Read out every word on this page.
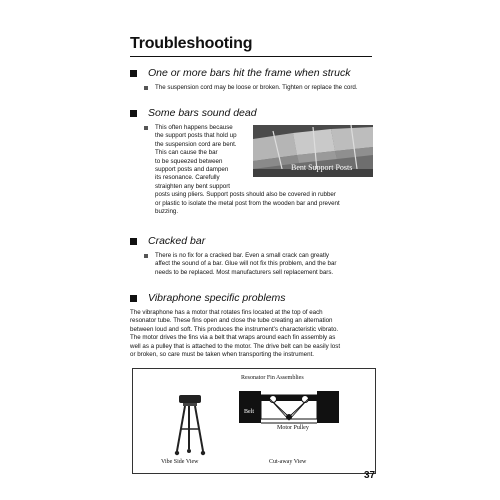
Troubleshooting
One or more bars hit the frame when struck
The suspension cord may be loose or broken. Tighten or replace the cord.
Some bars sound dead
This often happens because
the support posts that hold up
the suspension cord are bent.
This can cause the bar
to be squeezed between
support posts and dampen
its resonance. Carefully
straighten any bent support
posts using pliers. Support posts should also be covered in rubber
or plastic to isolate the metal post from the wooden bar and prevent
buzzing.
Bent Support Posts
Cracked bar
There is no fix for a cracked bar. Even a small crack can greatly
affect the sound of a bar. Glue will not fix this problem, and the bar
needs to be replaced. Most manufacturers sell replacement bars.
Vibraphone specific problems
The vibraphone has a motor that rotates fins located at the top of each
resonator tube. These fins open and close the tube creating an alternation
between loud and soft. This produces the instrument's characteristic vibrato.
The motor drives the fins via a belt that wraps around each fin assembly as
well as a pulley that is attached to the motor. The drive belt can be easily lost
or broken, so care must be taken when transporting the instrument.
Resonator Fin Assemblies
Belt
Motor Pulley
Vibe Side View	Cut-away View
37
